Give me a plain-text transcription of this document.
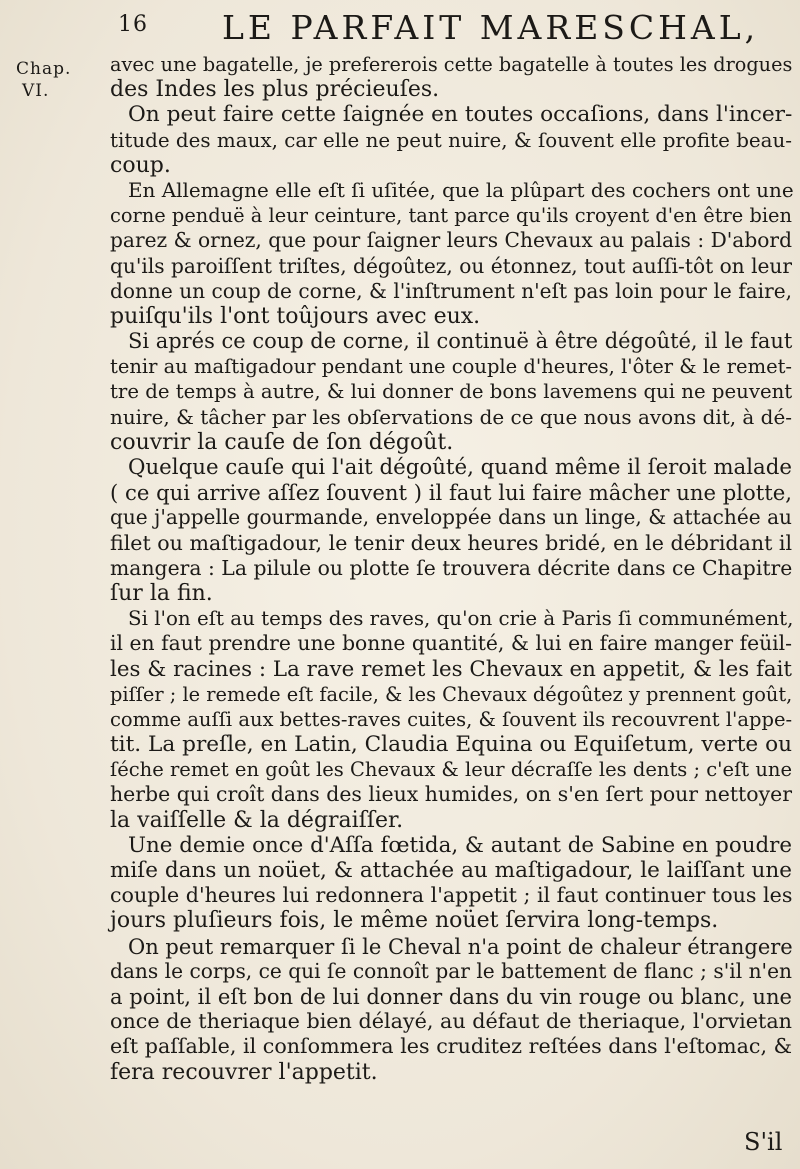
16 LE PARFAIT MARESCHAL,
Chap.
VI.
avec une bagatelle, je prefererois cette bagatelle à toutes les drogues
des Indes les plus précieuſes.
On peut faire cette ſaignée en toutes occaſions, dans l'incer-
titude des maux, car elle ne peut nuire, & ſouvent elle profite beau-
coup.
En Allemagne elle eſt ſi uſitée, que la plûpart des cochers ont une
corne penduë à leur ceinture, tant parce qu'ils croyent d'en être bien
parez & ornez, que pour ſaigner leurs Chevaux au palais : D'abord
qu'ils paroiſſent triſtes, dégoûtez, ou étonnez, tout auſſi-tôt on leur
donne un coup de corne, & l'inſtrument n'eſt pas loin pour le faire,
puiſqu'ils l'ont toûjours avec eux.
Si aprés ce coup de corne, il continuë à être dégoûté, il le faut
tenir au maſtigadour pendant une couple d'heures, l'ôter & le remet-
tre de temps à autre, & lui donner de bons lavemens qui ne peuvent
nuire, & tâcher par les obſervations de ce que nous avons dit, à dé-
couvrir la cauſe de ſon dégoût.
Quelque cauſe qui l'ait dégoûté, quand même il ſeroit malade
( ce qui arrive aſſez ſouvent ) il faut lui faire mâcher une plotte,
que j'appelle gourmande, enveloppée dans un linge, & attachée au
filet ou maſtigadour, le tenir deux heures bridé, en le débridant il
mangera : La pilule ou plotte ſe trouvera décrite dans ce Chapitre
ſur la fin.
Si l'on eſt au temps des raves, qu'on crie à Paris ſi communément,
il en faut prendre une bonne quantité, & lui en faire manger feüil-
les & racines : La rave remet les Chevaux en appetit, & les fait
piſſer ; le remede eſt facile, & les Chevaux dégoûtez y prennent goût,
comme auſſi aux bettes-raves cuites, & ſouvent ils recouvrent l'appe-
tit. La preſle, en Latin, Claudia Equina ou Equiſetum, verte ou
ſéche remet en goût les Chevaux & leur décraſſe les dents ; c'eſt une
herbe qui croît dans des lieux humides, on s'en ſert pour nettoyer
la vaiſſelle & la dégraiſſer.
Une demie once d'Aſſa fœtida, & autant de Sabine en poudre
miſe dans un noüet, & attachée au maſtigadour, le laiſſant une
couple d'heures lui redonnera l'appetit ; il faut continuer tous les
jours pluſieurs fois, le même noüet ſervira long-temps.
On peut remarquer ſi le Cheval n'a point de chaleur étrangere
dans le corps, ce qui ſe connoît par le battement de flanc ; s'il n'en
a point, il eſt bon de lui donner dans du vin rouge ou blanc, une
once de theriaque bien délayé, au défaut de theriaque, l'orvietan
eſt paſſable, il conſommera les cruditez reſtées dans l'eſtomac, &
fera recouvrer l'appetit.
S'il
